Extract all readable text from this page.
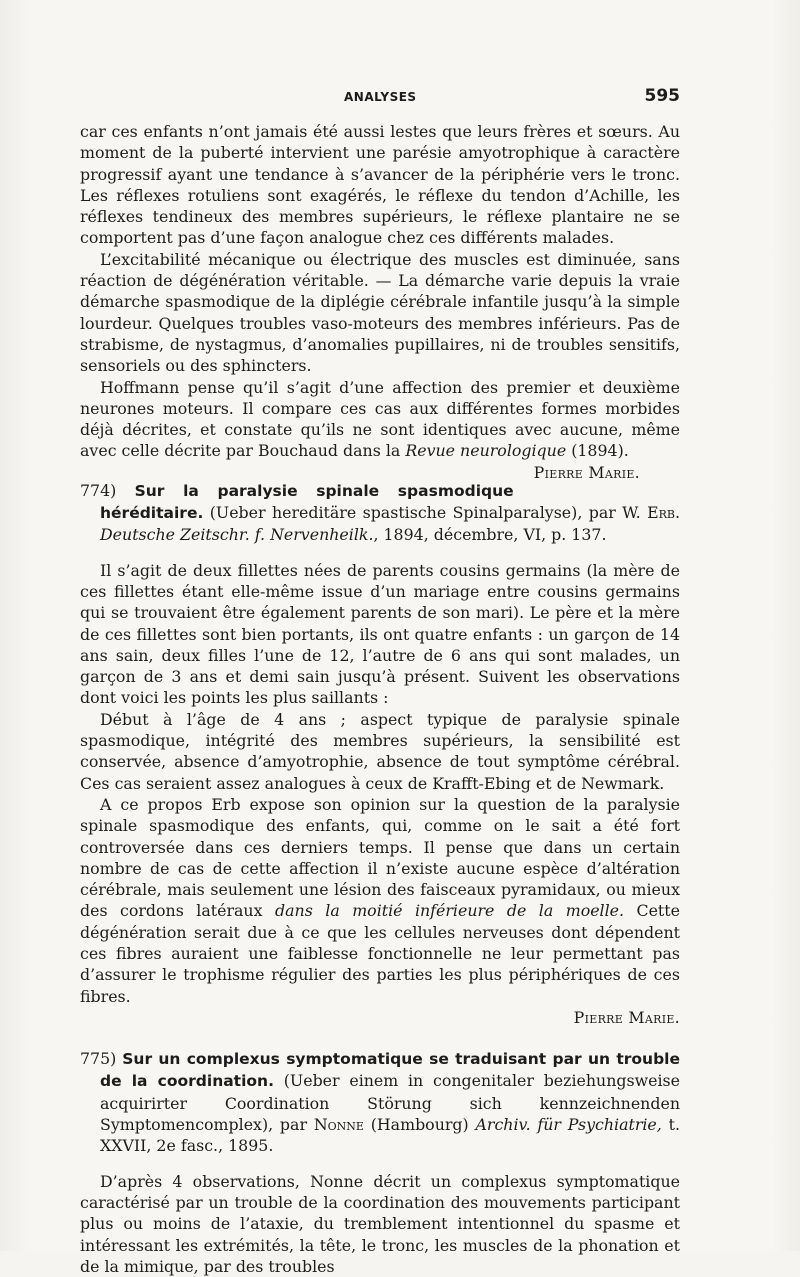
ANALYSES	595

car ces enfants n’ont jamais été aussi lestes que leurs frères et sœurs. Au moment de la puberté intervient une parésie amyotrophique à caractère progressif ayant une tendance à s’avancer de la périphérie vers le tronc. Les réflexes rotuliens sont exagérés, le réflexe du tendon d’Achille, les réflexes tendineux des membres supérieurs, le réflexe plantaire ne se comportent pas d’une façon analogue chez ces différents malades.

L’excitabilité mécanique ou électrique des muscles est diminuée, sans réaction de dégénération véritable. — La démarche varie depuis la vraie démarche spasmodique de la diplégie cérébrale infantile jusqu’à la simple lourdeur. Quelques troubles vaso-moteurs des membres inférieurs. Pas de strabisme, de nystagmus, d’anomalies pupillaires, ni de troubles sensitifs, sensoriels ou des sphincters.

Hoffmann pense qu’il s’agit d’une affection des premier et deuxième neurones moteurs. Il compare ces cas aux différentes formes morbides déjà décrites, et constate qu’ils ne sont identiques avec aucune, même avec celle décrite par Bouchaud dans la Revue neurologique (1894).
Pierre Marie.

774) Sur la paralysie spinale spasmodique héréditaire. (Ueber hereditäre spastische Spinalparalyse), par W. Erb. Deutsche Zeitschr. f. Nervenheilk., 1894, décembre, VI, p. 137.

Il s’agit de deux fillettes nées de parents cousins germains (la mère de ces fillettes étant elle-même issue d’un mariage entre cousins germains qui se trouvaient être également parents de son mari). Le père et la mère de ces fillettes sont bien portants, ils ont quatre enfants : un garçon de 14 ans sain, deux filles l’une de 12, l’autre de 6 ans qui sont malades, un garçon de 3 ans et demi sain jusqu’à présent. Suivent les observations dont voici les points les plus saillants :

Début à l’âge de 4 ans ; aspect typique de paralysie spinale spasmodique, intégrité des membres supérieurs, la sensibilité est conservée, absence d’amyotrophie, absence de tout symptôme cérébral. Ces cas seraient assez analogues à ceux de Krafft-Ebing et de Newmark.

A ce propos Erb expose son opinion sur la question de la paralysie spinale spasmodique des enfants, qui, comme on le sait a été fort controversée dans ces derniers temps. Il pense que dans un certain nombre de cas de cette affection il n’existe aucune espèce d’altération cérébrale, mais seulement une lésion des faisceaux pyramidaux, ou mieux des cordons latéraux dans la moitié inférieure de la moelle. Cette dégénération serait due à ce que les cellules nerveuses dont dépendent ces fibres auraient une faiblesse fonctionnelle ne leur permettant pas d’assurer le trophisme régulier des parties les plus périphériques de ces fibres.

Pierre Marie.

775) Sur un complexus symptomatique se traduisant par un trouble de la coordination. (Ueber einem in congenitaler beziehungsweise acquirirter Coordination Störung sich kennzeichnenden Symptomencomplex), par Nonne (Hambourg) Archiv. für Psychiatrie, t. XXVII, 2e fasc., 1895.

D’après 4 observations, Nonne décrit un complexus symptomatique caractérisé par un trouble de la coordination des mouvements participant plus ou moins de l’ataxie, du tremblement intentionnel du spasme et intéressant les extrémités, la tête, le tronc, les muscles de la phonation et de la mimique, par des troubles
